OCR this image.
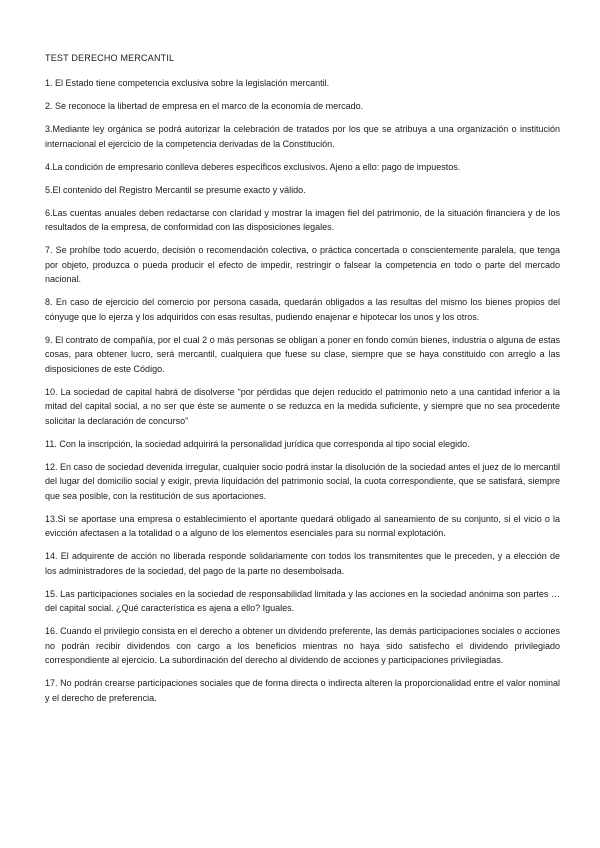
TEST DERECHO MERCANTIL

1. El Estado tiene competencia exclusiva sobre la legislación mercantil.

2. Se reconoce la libertad de empresa en el marco de la economía de mercado.

3.Mediante ley orgánica se podrá autorizar la celebración de tratados por los que se atribuya a una organización o institución internacional el ejercicio de la competencia derivadas de la Constitución.

4.La condición de empresario conlleva deberes específicos exclusivos. Ajeno a ello: pago de impuestos.

5.El contenido del Registro Mercantil se presume exacto y válido.

6.Las cuentas anuales deben redactarse con claridad y mostrar la imagen fiel del patrimonio, de la situación financiera y de los resultados de la empresa, de conformidad con las disposiciones legales.

7. Se prohíbe todo acuerdo, decisión o recomendación colectiva, o práctica concertada o conscientemente paralela, que tenga por objeto, produzca o pueda producir el efecto de impedir, restringir o falsear la competencia en todo o parte del mercado nacional.

8. En caso de ejercicio del comercio por persona casada, quedarán obligados a las resultas del mismo los bienes propios del cónyuge que lo ejerza y los adquiridos con esas resultas, pudiendo enajenar e hipotecar los unos y los otros.

9. El contrato de compañía, por el cual 2 o más personas se obligan a poner en fondo común bienes, industria o alguna de estas cosas, para obtener lucro, será mercantil, cualquiera que fuese su clase, siempre que se haya constituido con arreglo a las disposiciones de este Código.

10. La sociedad de capital habrá de disolverse “por pérdidas que dejen reducido el patrimonio neto a una cantidad inferior a la mitad del capital social, a no ser que éste se aumente o se reduzca en la medida suficiente, y siempre que no sea procedente solicitar la declaración de concurso”

11. Con la inscripción, la sociedad adquirirá la personalidad jurídica que corresponda al tipo social elegido.

12. En caso de sociedad devenida irregular, cualquier socio podrá instar la disolución de la sociedad antes el juez de lo mercantil del lugar del domicilio social y exigir, previa liquidación del patrimonio social, la cuota correspondiente, que se satisfará, siempre que sea posible, con la restitución de sus aportaciones.

13.Si se aportase una empresa o establecimiento el aportante quedará obligado al saneamiento de su conjunto, si el vicio o la evicción afectasen a la totalidad o a alguno de los elementos esenciales para su normal explotación.

14. El adquirente de acción no liberada responde solidariamente con todos los transmitentes que le preceden, y a elección de los administradores de la sociedad, del pago de la parte no desembolsada.

15. Las participaciones sociales en la sociedad de responsabilidad limitada y las acciones en la sociedad anónima son partes … del capital social. ¿Qué característica es ajena a ello? Iguales.

16. Cuando el privilegio consista en el derecho a obtener un dividendo preferente, las demás participaciones sociales o acciones no podrán recibir dividendos con cargo a los beneficios mientras no haya sido satisfecho el dividendo privilegiado correspondiente al ejercicio. La subordinación del derecho al dividendo de acciones y participaciones privilegiadas.

17. No podrán crearse participaciones sociales que de forma directa o indirecta alteren la proporcionalidad entre el valor nominal y el derecho de preferencia.
